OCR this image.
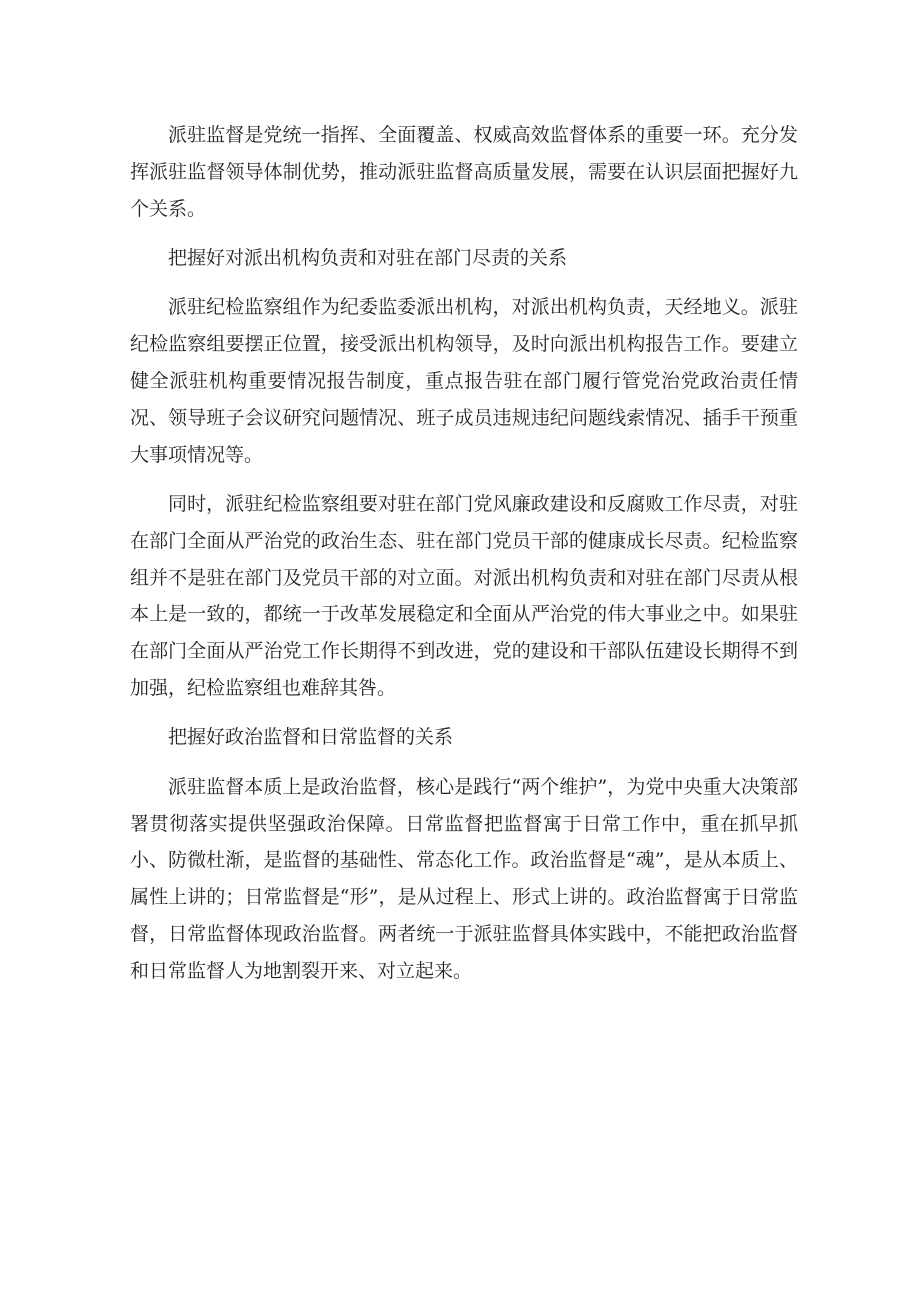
派驻监督是党统一指挥、全面覆盖、权威高效监督体系的重要一环。充分发挥派驻监督领导体制优势，推动派驻监督高质量发展，需要在认识层面把握好九个关系。

把握好对派出机构负责和对驻在部门尽责的关系

派驻纪检监察组作为纪委监委派出机构，对派出机构负责，天经地义。派驻纪检监察组要摆正位置，接受派出机构领导，及时向派出机构报告工作。要建立健全派驻机构重要情况报告制度，重点报告驻在部门履行管党治党政治责任情况、领导班子会议研究问题情况、班子成员违规违纪问题线索情况、插手干预重大事项情况等。

同时，派驻纪检监察组要对驻在部门党风廉政建设和反腐败工作尽责，对驻在部门全面从严治党的政治生态、驻在部门党员干部的健康成长尽责。纪检监察组并不是驻在部门及党员干部的对立面。对派出机构负责和对驻在部门尽责从根本上是一致的，都统一于改革发展稳定和全面从严治党的伟大事业之中。如果驻在部门全面从严治党工作长期得不到改进，党的建设和干部队伍建设长期得不到加强，纪检监察组也难辞其咎。

把握好政治监督和日常监督的关系

派驻监督本质上是政治监督，核心是践行“两个维护”，为党中央重大决策部署贯彻落实提供坚强政治保障。日常监督把监督寓于日常工作中，重在抓早抓小、防微杜渐，是监督的基础性、常态化工作。政治监督是“魂”，是从本质上、属性上讲的；日常监督是“形”，是从过程上、形式上讲的。政治监督寓于日常监督，日常监督体现政治监督。两者统一于派驻监督具体实践中，不能把政治监督和日常监督人为地割裂开来、对立起来。
